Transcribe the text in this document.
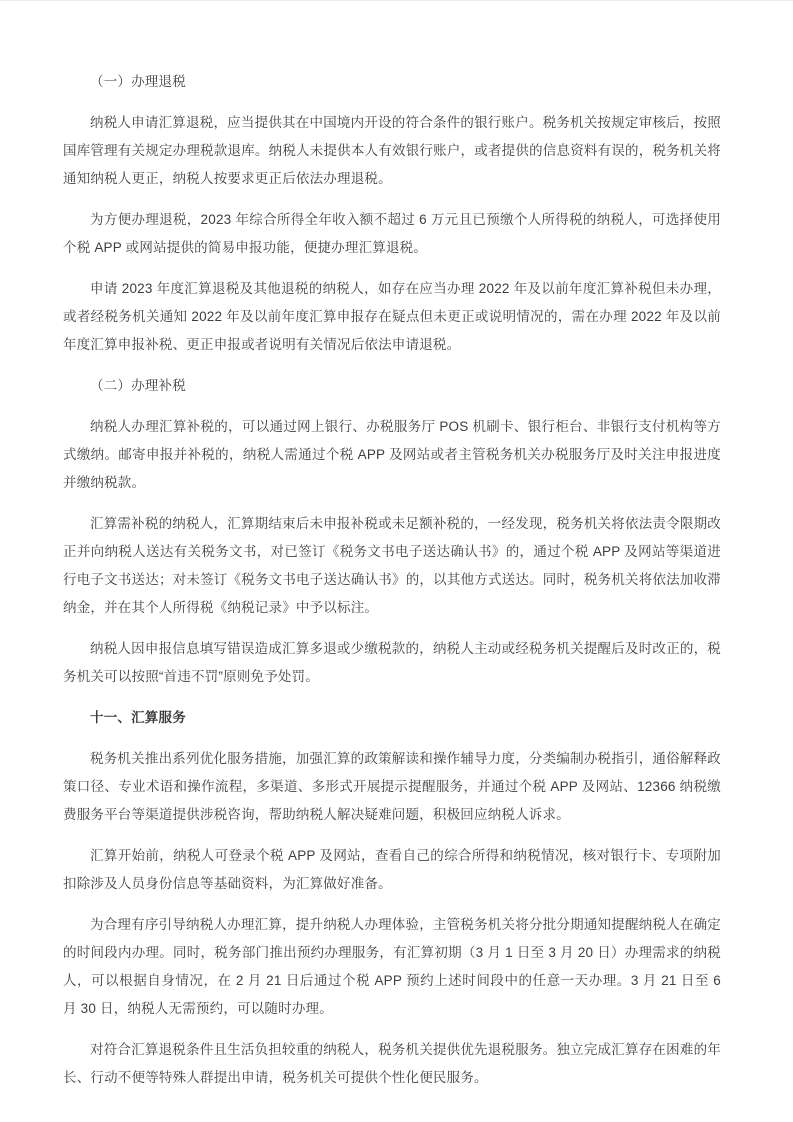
（一）办理退税

纳税人申请汇算退税，应当提供其在中国境内开设的符合条件的银行账户。税务机关按规定审核后，按照国库管理有关规定办理税款退库。纳税人未提供本人有效银行账户，或者提供的信息资料有误的，税务机关将通知纳税人更正，纳税人按要求更正后依法办理退税。

为方便办理退税，2023 年综合所得全年收入额不超过 6 万元且已预缴个人所得税的纳税人，可选择使用个税 APP 或网站提供的简易申报功能，便捷办理汇算退税。

申请 2023 年度汇算退税及其他退税的纳税人，如存在应当办理 2022 年及以前年度汇算补税但未办理，或者经税务机关通知 2022 年及以前年度汇算申报存在疑点但未更正或说明情况的，需在办理 2022 年及以前年度汇算申报补税、更正申报或者说明有关情况后依法申请退税。

（二）办理补税

纳税人办理汇算补税的，可以通过网上银行、办税服务厅 POS 机刷卡、银行柜台、非银行支付机构等方式缴纳。邮寄申报并补税的，纳税人需通过个税 APP 及网站或者主管税务机关办税服务厅及时关注申报进度并缴纳税款。

汇算需补税的纳税人，汇算期结束后未申报补税或未足额补税的，一经发现，税务机关将依法责令限期改正并向纳税人送达有关税务文书，对已签订《税务文书电子送达确认书》的，通过个税 APP 及网站等渠道进行电子文书送达；对未签订《税务文书电子送达确认书》的，以其他方式送达。同时，税务机关将依法加收滞纳金，并在其个人所得税《纳税记录》中予以标注。

纳税人因申报信息填写错误造成汇算多退或少缴税款的，纳税人主动或经税务机关提醒后及时改正的，税务机关可以按照“首违不罚”原则免予处罚。

十一、汇算服务

税务机关推出系列优化服务措施，加强汇算的政策解读和操作辅导力度，分类编制办税指引，通俗解释政策口径、专业术语和操作流程，多渠道、多形式开展提示提醒服务，并通过个税 APP 及网站、12366 纳税缴费服务平台等渠道提供涉税咨询，帮助纳税人解决疑难问题，积极回应纳税人诉求。

汇算开始前，纳税人可登录个税 APP 及网站，查看自己的综合所得和纳税情况，核对银行卡、专项附加扣除涉及人员身份信息等基础资料，为汇算做好准备。

为合理有序引导纳税人办理汇算，提升纳税人办理体验，主管税务机关将分批分期通知提醒纳税人在确定的时间段内办理。同时，税务部门推出预约办理服务，有汇算初期（3 月 1 日至 3 月 20 日）办理需求的纳税人，可以根据自身情况，在 2 月 21 日后通过个税 APP 预约上述时间段中的任意一天办理。3 月 21 日至 6 月 30 日，纳税人无需预约，可以随时办理。

对符合汇算退税条件且生活负担较重的纳税人，税务机关提供优先退税服务。独立完成汇算存在困难的年长、行动不便等特殊人群提出申请，税务机关可提供个性化便民服务。
